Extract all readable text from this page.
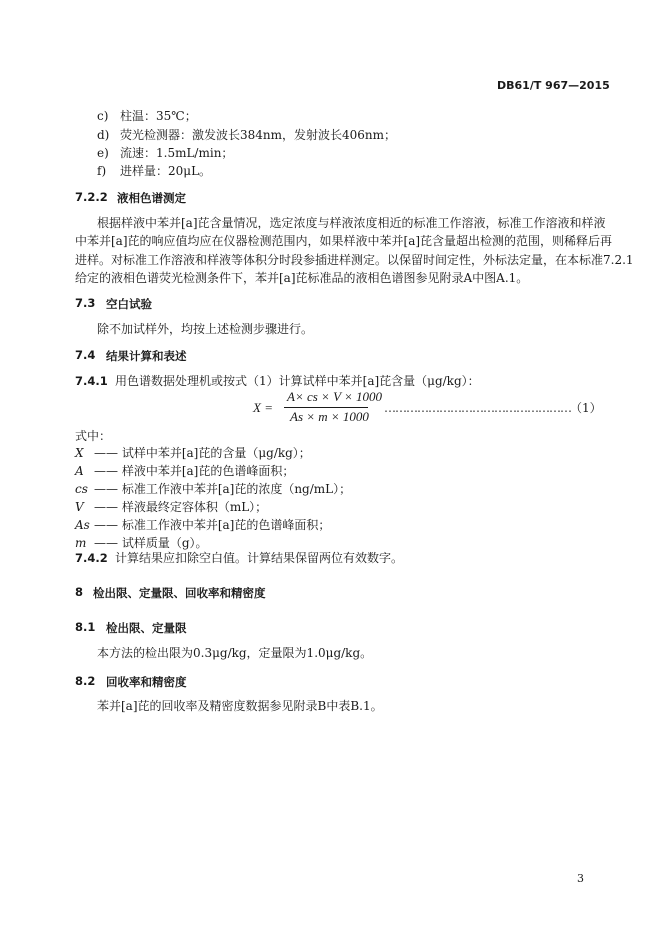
DB61/T 967—2015
c) 柱温：35℃；
d) 荧光检测器：激发波长384nm，发射波长406nm；
e) 流速：1.5mL/min；
f) 进样量：20μL。
7.2.2 液相色谱测定
根据样液中苯并[a]芘含量情况，选定浓度与样液浓度相近的标准工作溶液，标准工作溶液和样液
中苯并[a]芘的响应值均应在仪器检测范围内，如果样液中苯并[a]芘含量超出检测的范围，则稀释后再
进样。对标准工作溶液和样液等体积分时段参插进样测定。以保留时间定性，外标法定量，在本标准7.2.1
给定的液相色谱荧光检测条件下，苯并[a]芘标准品的液相色谱图参见附录A中图A.1。
7.3 空白试验
除不加试样外，均按上述检测步骤进行。
7.4 结果计算和表述
7.4.1 用色谱数据处理机或按式（1）计算试样中苯并[a]芘含量（μg/kg）：
X =
A× cs × V × 1000
As × m × 1000
…………………………………………… （1）
式中：
X —— 试样中苯并[a]芘的含量（μg/kg）；
A —— 样液中苯并[a]芘的色谱峰面积；
cs —— 标准工作液中苯并[a]芘的浓度（ng/mL）；
V —— 样液最终定容体积（mL）；
As —— 标准工作液中苯并[a]芘的色谱峰面积；
m —— 试样质量（g）。
7.4.2 计算结果应扣除空白值。计算结果保留两位有效数字。
8 检出限、定量限、回收率和精密度
8.1 检出限、定量限
本方法的检出限为0.3μg/kg，定量限为1.0μg/kg。
8.2 回收率和精密度
苯并[a]芘的回收率及精密度数据参见附录B中表B.1。
3
